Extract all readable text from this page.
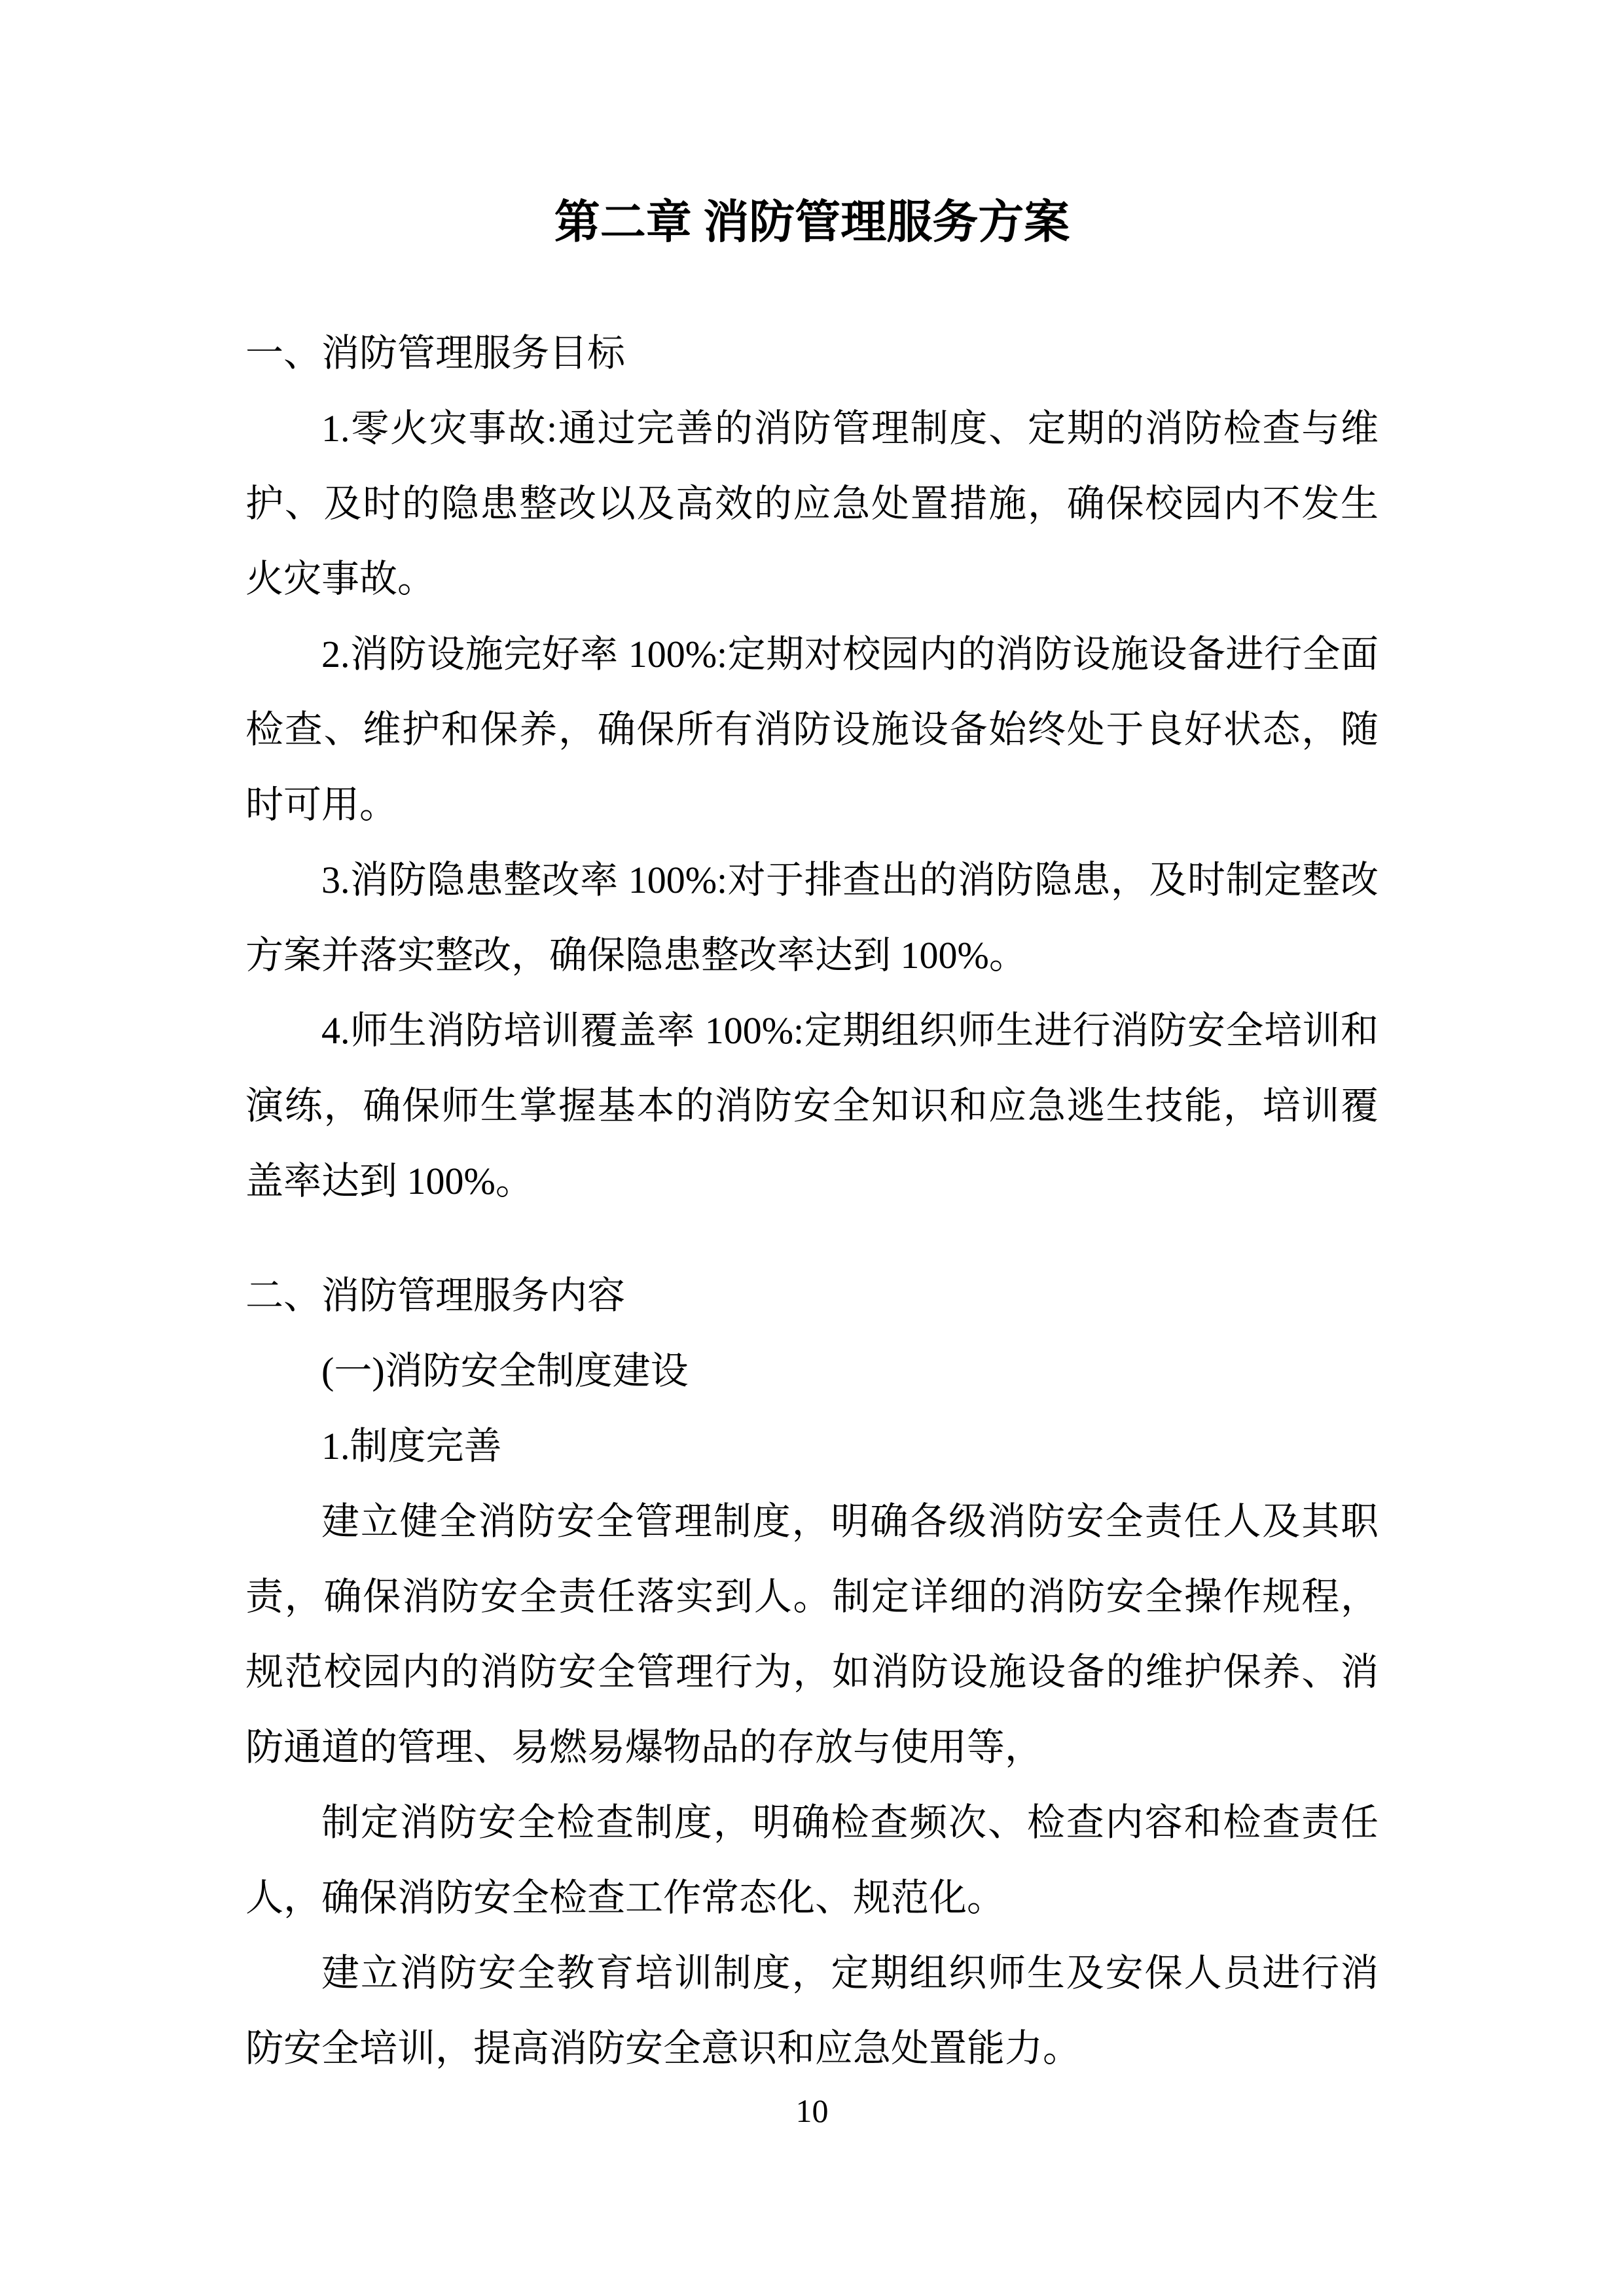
第二章 消防管理服务方案
一、消防管理服务目标

1.零火灾事故:通过完善的消防管理制度、定期的消防检查与维护、及时的隐患整改以及高效的应急处置措施，确保校园内不发生火灾事故。

2.消防设施完好率 100%:定期对校园内的消防设施设备进行全面检查、维护和保养，确保所有消防设施设备始终处于良好状态，随时可用。

3.消防隐患整改率 100%:对于排查出的消防隐患，及时制定整改方案并落实整改，确保隐患整改率达到 100%。

4.师生消防培训覆盖率 100%:定期组织师生进行消防安全培训和演练，确保师生掌握基本的消防安全知识和应急逃生技能，培训覆盖率达到 100%。

二、消防管理服务内容
(一)消防安全制度建设
1.制度完善

建立健全消防安全管理制度，明确各级消防安全责任人及其职责，确保消防安全责任落实到人。制定详细的消防安全操作规程，规范校园内的消防安全管理行为，如消防设施设备的维护保养、消防通道的管理、易燃易爆物品的存放与使用等，

制定消防安全检查制度，明确检查频次、检查内容和检查责任人，确保消防安全检查工作常态化、规范化。

建立消防安全教育培训制度，定期组织师生及安保人员进行消防安全培训，提高消防安全意识和应急处置能力。

10
